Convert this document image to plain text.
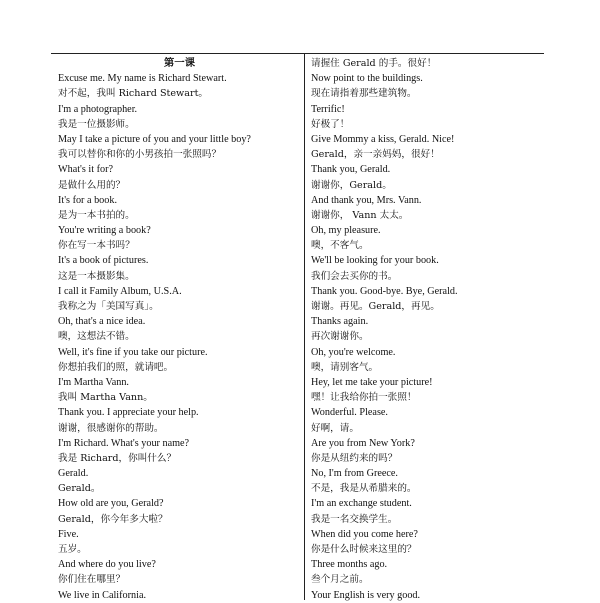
第一课
Excuse me. My name is Richard Stewart.
对不起，我叫 Richard Stewart。
I'm a photographer.
我是一位摄影师。
May I take a picture of you and your little boy?
我可以替你和你的小男孩拍一张照吗？
What's it for?
是做什么用的？
It's for a book.
是为一本书拍的。
You're writing a book?
你在写一本书吗？
It's a book of pictures.
这是一本摄影集。
I call it Family Album, U.S.A.
我称之为「美国写真」。
Oh, that's a nice idea.
噢，这想法不错。
Well, it's fine if you take our picture.
你想拍我们的照，就请吧。
I'm Martha Vann.
我叫 Martha Vann。
Thank you. I appreciate your help.
谢谢，很感谢你的帮助。
I'm Richard. What's your name?
我是 Richard，你叫什么？
Gerald.
Gerald。
How old are you, Gerald?
Gerald，你今年多大啦？
Five.
五岁。
And where do you live?
你们住在哪里？
We live in California.
请握住 Gerald 的手。很好！
Now point to the buildings.
现在请指着那些建筑物。
Terrific!
好极了！
Give Mommy a kiss, Gerald. Nice!
Gerald，亲一亲妈妈，很好！
Thank you, Gerald.
谢谢你，Gerald。
And thank you, Mrs. Vann.
谢谢你， Vann 太太。
Oh, my pleasure.
噢，不客气。
We'll be looking for your book.
我们会去买你的书。
Thank you. Good-bye. Bye, Gerald.
谢谢。再见。Gerald，再见。
Thanks again.
再次谢谢你。
Oh, you're welcome.
噢，请别客气。
Hey, let me take your picture!
嘿！让我给你拍一张照！
Wonderful. Please.
好啊，请。
Are you from New York?
你是从纽约来的吗？
No, I'm from Greece.
不是，我是从希腊来的。
I'm an exchange student.
我是一名交换学生。
When did you come here?
你是什么时候来这里的？
Three months ago.
叁个月之前。
Your English is very good.
